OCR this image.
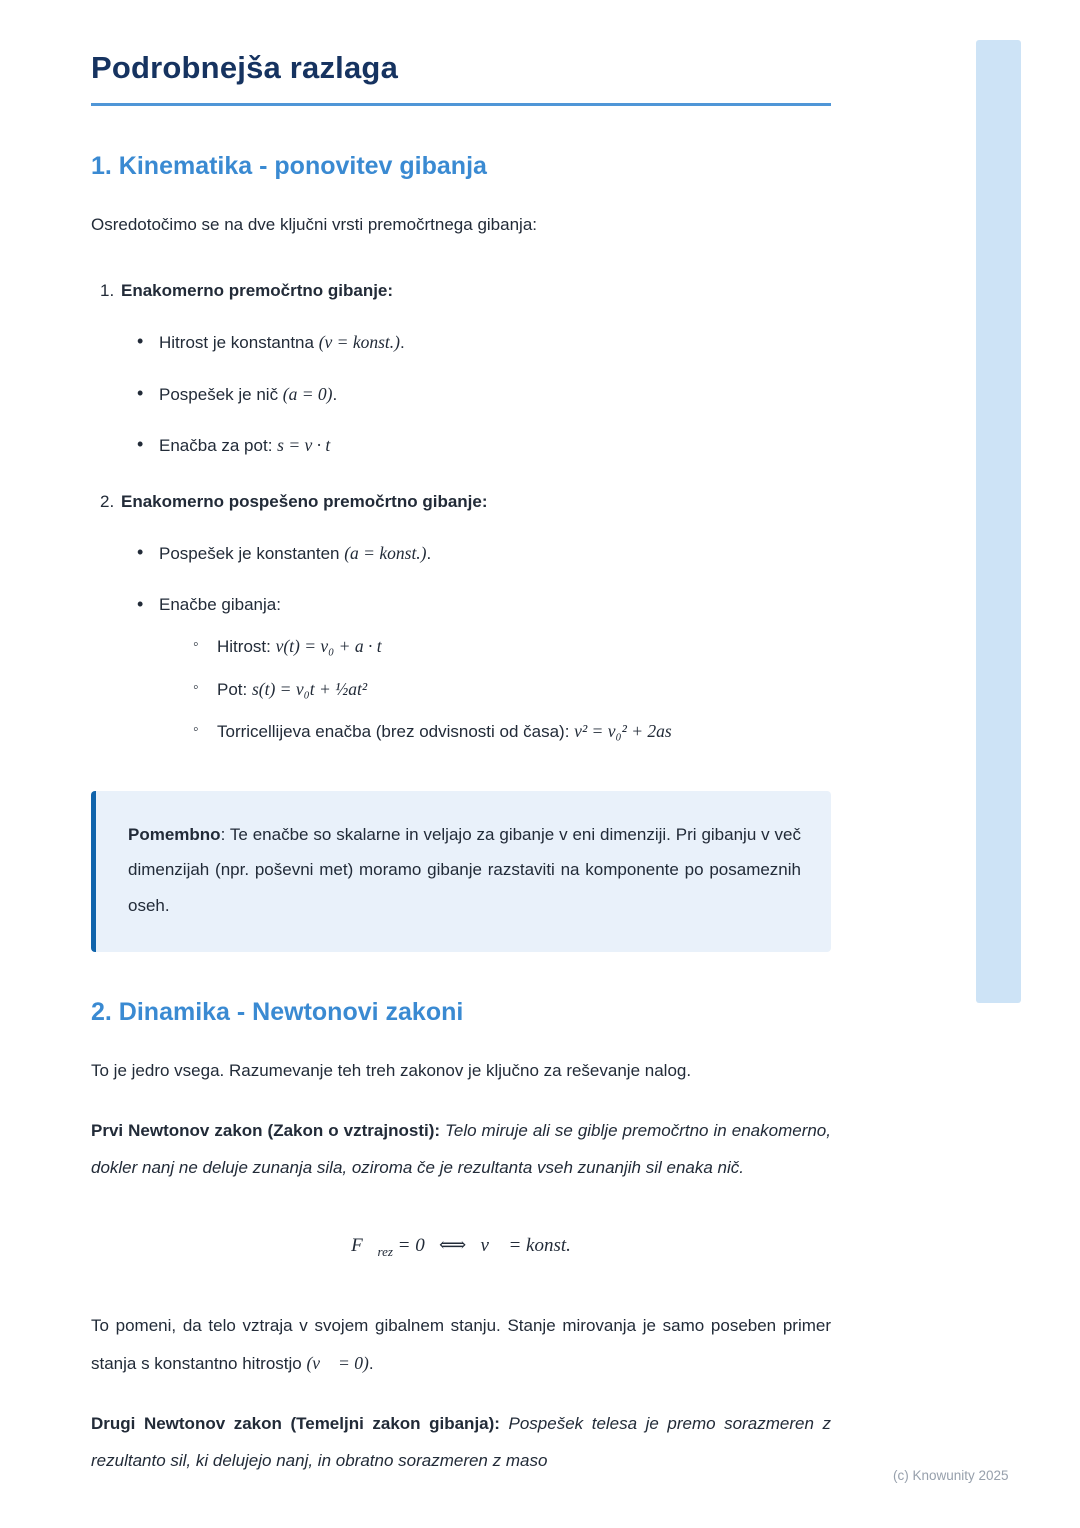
Podrobnejša razlaga
1. Kinematika - ponovitev gibanja

Osredotočimo se na dve ključni vrsti premočrtnega gibanja:

1. Enakomerno premočrtno gibanje:
• Hitrost je konstantna (v = konst.).
• Pospešek je nič (a = 0).
• Enačba za pot: s = v · t
2. Enakomerno pospešeno premočrtno gibanje:
• Pospešek je konstanten (a = konst.).
• Enačbe gibanja:
◦ Hitrost: v(t) = v₀ + a · t
◦ Pot: s(t) = v₀t + ½at²
◦ Torricellijeva enačba (brez odvisnosti od časa): v² = v₀² + 2as

Pomembno: Te enačbe so skalarne in veljajo za gibanje v eni dimenziji. Pri gibanju v več dimenzijah (npr. poševni met) moramo gibanje razstaviti na komponente po posameznih oseh.

2. Dinamika - Newtonovi zakoni

To je jedro vsega. Razumevanje teh treh zakonov je ključno za reševanje nalog.

Prvi Newtonov zakon (Zakon o vztrajnosti): Telo miruje ali se giblje premočrtno in enakomerno, dokler nanj ne deluje zunanja sila, oziroma če je rezultanta vseh zunanjih sil enaka nič.

$F⃗_{rez} = 0$  ⟺  v⃗ = konst.

To pomeni, da telo vztraja v svojem gibalnem stanju. Stanje mirovanja je samo poseben primer stanja s konstantno hitrostjo (v⃗ = 0).

Drugi Newtonov zakon (Temeljni zakon gibanja): Pospešek telesa je premo sorazmeren z rezultanto sil, ki delujejo nanj, in obratno sorazmeren z maso

(c) Knowunity 2025
